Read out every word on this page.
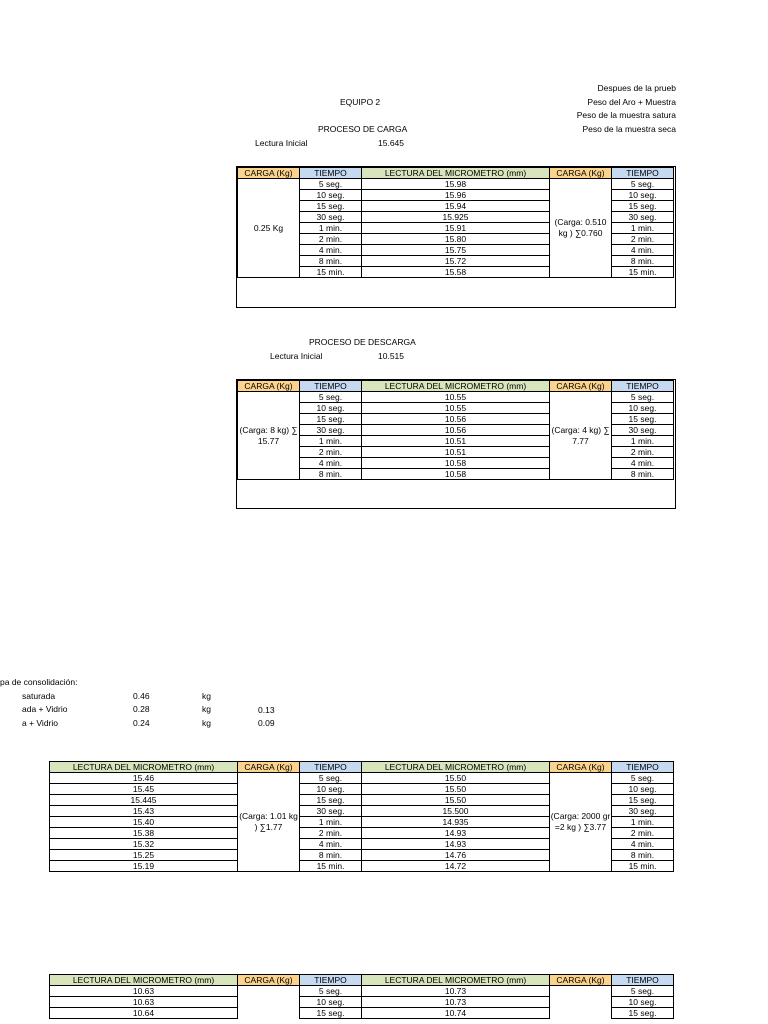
EQUIPO 2
PROCESO DE CARGA
Lectura Inicial	15.645
Despues de la prueb
Peso del Aro + Muestra
Peso de la muestra satura
Peso de la muestra seca
CARGA (Kg)	TIEMPO	LECTURA DEL MICROMETRO (mm)	CARGA (Kg)	TIEMPO
0.25 Kg	5 seg.	15.98	(Carga: 0.510 kg ) ∑0.760	5 seg.
	10 seg.	15.96		10 seg.
	15 seg.	15.94		15 seg.
	30 seg.	15.925		30 seg.
	1 min.	15.91		1 min.
	2 min.	15.80		2 min.
	4 min.	15.75		4 min.
	8 min.	15.72		8 min.
	15 min.	15.58		15 min.
PROCESO DE DESCARGA
Lectura Inicial	10.515
CARGA (Kg)	TIEMPO	LECTURA DEL MICROMETRO (mm)	CARGA (Kg)	TIEMPO
(Carga: 8 kg) ∑ 15.77	5 seg.	10.55	(Carga: 4 kg) ∑ 7.77	5 seg.
	10 seg.	10.55		10 seg.
	15 seg.	10.56		15 seg.
	30 seg.	10.56		30 seg.
	1 min.	10.51		1 min.
	2 min.	10.51		2 min.
	4 min.	10.58		4 min.
	8 min.	10.58		8 min.
pa de consolidación:
saturada	0.46	kg
ada + Vidrio	0.28	kg	0.13
a + Vidrio	0.24	kg	0.09
LECTURA DEL MICROMETRO (mm)	CARGA (Kg)	TIEMPO	LECTURA DEL MICROMETRO (mm)	CARGA (Kg)	TIEMPO
15.46	(Carga: 1.01 kg ) ∑1.77	5 seg.	15.50	(Carga: 2000 gr =2 kg ) ∑3.77	5 seg.
15.45		10 seg.	15.50		10 seg.
15.445		15 seg.	15.50		15 seg.
15.43		30 seg.	15.500		30 seg.
15.40		1 min.	14.935		1 min.
15.38		2 min.	14.93		2 min.
15.32		4 min.	14.93		4 min.
15.25		8 min.	14.76		8 min.
15.19		15 min.	14.72		15 min.
LECTURA DEL MICROMETRO (mm)	CARGA (Kg)	TIEMPO	LECTURA DEL MICROMETRO (mm)	CARGA (Kg)	TIEMPO
10.63		5 seg.	10.73		5 seg.
10.63		10 seg.	10.73		10 seg.
10.64		15 seg.	10.74		15 seg.
